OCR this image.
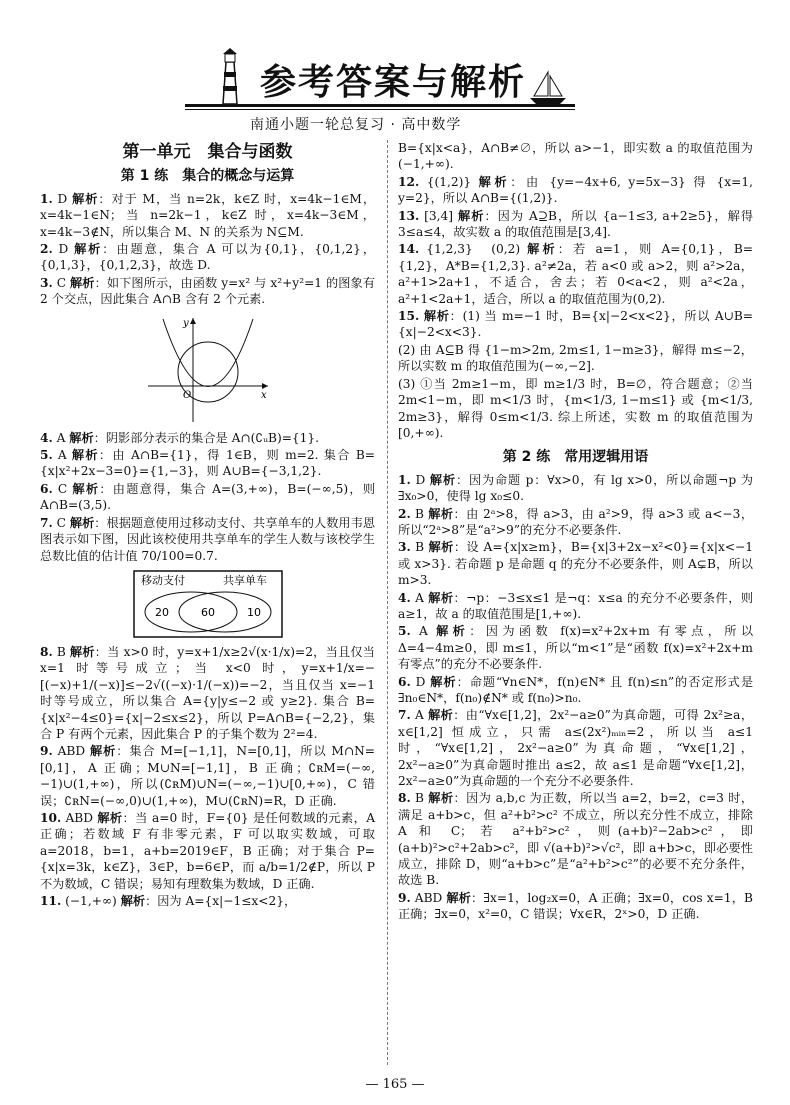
参考答案与解析
南通小题一轮总复习 · 高中数学
第一单元　集合与函数
第 1 练　集合的概念与运算
1. D 解析：对于 M，当 n=2k，k∈Z 时，x=4k−1∈M，x=4k−1∈N；当 n=2k−1，k∈Z 时，x=4k−3∈M，x=4k−3∉N，所以集合 M、N 的关系为 N⊆M.
2. D 解析：由题意，集合 A 可以为{0,1}，{0,1,2}，{0,1,3}，{0,1,2,3}，故选 D.
3. C 解析：如下图所示，由函数 y=x² 与 x²+y²=1 的图象有 2 个交点，因此集合 A∩B 含有 2 个元素.
y
x
O
4. A 解析：阴影部分表示的集合是 A∩(∁ᵤB)={1}.
5. A 解析：由 A∩B={1}，得 1∈B，则 m=2. 集合 B={x|x²+2x−3=0}={1,−3}，则 A∪B={−3,1,2}.
6. C 解析：由题意得，集合 A=(3,+∞)，B=(−∞,5)，则 A∩B=(3,5).
7. C 解析：根据题意使用过移动支付、共享单车的人数用韦恩图表示如下图，因此该校使用共享单车的学生人数与该校学生总数比值的估计值 70/100=0.7.
移动支付	共享单车
20	60	10
8. B 解析：当 x>0 时，y=x+1/x≥2√(x·1/x)=2，当且仅当 x=1 时等号成立；当 x<0 时，y=x+1/x=−[(−x)+1/(−x)]≤−2√((−x)·1/(−x))=−2，当且仅当 x=−1 时等号成立，所以集合 A={y|y≤−2 或 y≥2}. 集合 B={x|x²−4≤0}={x|−2≤x≤2}，所以 P=A∩B={−2,2}，集合 P 有两个元素，因此集合 P 的子集个数为 2²=4.
9. ABD 解析：集合 M=[−1,1]，N=[0,1]，所以 M∩N=[0,1]，A 正确；M∪N=[−1,1]，B 正确；∁ʀM=(−∞,−1)∪(1,+∞)，所以(∁ʀM)∪N=(−∞,−1)∪[0,+∞)，C 错误；∁ʀN=(−∞,0)∪(1,+∞)，M∪(∁ʀN)=R，D 正确.
10. ABD 解析：当 a=0 时，F={0} 是任何数域的元素，A 正确；若数域 F 有非零元素，F 可以取实数域，可取 a=2018，b=1，a+b=2019∈F，B 正确；对于集合 P={x|x=3k，k∈Z}，3∈P，b=6∈P，而 a/b=1/2∉P，所以 P 不为数域，C 错误；易知有理数集为数域，D 正确.
11. (−1,+∞) 解析：因为 A={x|−1≤x<2}，
B={x|x<a}，A∩B≠∅，所以 a>−1，即实数 a 的取值范围为(−1,+∞).
12. {(1,2)} 解析：由 {y=−4x+6, y=5x−3} 得 {x=1, y=2}，所以 A∩B={(1,2)}.
13. [3,4] 解析：因为 A⊇B，所以 {a−1≤3, a+2≥5}，解得 3≤a≤4，故实数 a 的取值范围是[3,4].
14. {1,2,3}　(0,2) 解析：若 a=1，则 A={0,1}，B={1,2}，A*B={1,2,3}. a²≠2a，若 a<0 或 a>2，则 a²>2a，a²+1>2a+1，不适合，舍去；若 0<a<2，则 a²<2a，a²+1<2a+1，适合，所以 a 的取值范围为(0,2).
15. 解析：(1) 当 m=−1 时，B={x|−2<x<2}，所以 A∪B={x|−2<x<3}.
(2) 由 A⊆B 得 {1−m>2m, 2m≤1, 1−m≥3}，解得 m≤−2，所以实数 m 的取值范围为(−∞,−2].
(3) ①当 2m≥1−m，即 m≥1/3 时，B=∅，符合题意；②当 2m<1−m，即 m<1/3 时，{m<1/3, 1−m≤1} 或 {m<1/3, 2m≥3}，解得 0≤m<1/3. 综上所述，实数 m 的取值范围为[0,+∞).
第 2 练　常用逻辑用语
1. D 解析：因为命题 p：∀x>0，有 lg x>0，所以命题¬p 为 ∃x₀>0，使得 lg x₀≤0.
2. B 解析：由 2ᵃ>8，得 a>3，由 a²>9，得 a>3 或 a<−3，所以“2ᵃ>8”是“a²>9”的充分不必要条件.
3. B 解析：设 A={x|x≥m}，B={x|3+2x−x²<0}={x|x<−1 或 x>3}. 若命题 p 是命题 q 的充分不必要条件，则 A⊊B，所以 m>3.
4. A 解析：¬p：−3≤x≤1 是¬q：x≤a 的充分不必要条件，则 a≥1，故 a 的取值范围是[1,+∞).
5. A 解析：因为函数 f(x)=x²+2x+m 有零点，所以 Δ=4−4m≥0，即 m≤1，所以“m<1”是“函数 f(x)=x²+2x+m 有零点”的充分不必要条件.
6. D 解析：命题“∀n∈N*，f(n)∈N* 且 f(n)≤n”的否定形式是 ∃n₀∈N*，f(n₀)∉N* 或 f(n₀)>n₀.
7. A 解析：由“∀x∈[1,2]，2x²−a≥0”为真命题，可得 2x²≥a，x∈[1,2] 恒成立，只需 a≤(2x²)ₘᵢₙ=2，所以当 a≤1 时，“∀x∈[1,2]，2x²−a≥0”为真命题，“∀x∈[1,2]，2x²−a≥0”为真命题时推出 a≤2，故 a≤1 是命题“∀x∈[1,2]，2x²−a≥0”为真命题的一个充分不必要条件.
8. B 解析：因为 a,b,c 为正数，所以当 a=2，b=2，c=3 时，满足 a+b>c，但 a²+b²>c² 不成立，所以充分性不成立，排除 A 和 C；若 a²+b²>c²，则(a+b)²−2ab>c²，即(a+b)²>c²+2ab>c²，即 √(a+b)²>√c²，即 a+b>c，即必要性成立，排除 D，则“a+b>c”是“a²+b²>c²”的必要不充分条件，故选 B.
9. ABD 解析：∃x=1，log₂x=0，A 正确；∃x=0，cos x=1，B 正确；∃x=0，x²=0，C 错误；∀x∈R，2ˣ>0，D 正确.
— 165 —
